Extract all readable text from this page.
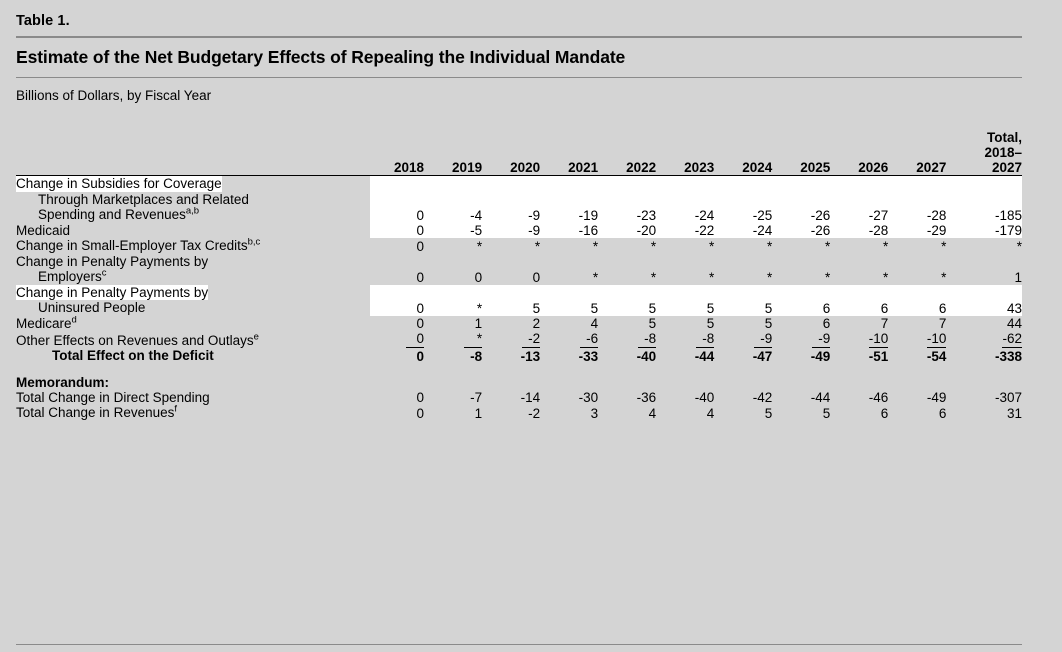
Table 1.
Estimate of the Net Budgetary Effects of Repealing the Individual Mandate
Billions of Dollars, by Fiscal Year
	2018	2019	2020	2021	2022	2023	2024	2025	2026	2027	Total,
2018–
2027

Change in Subsidies for Coverage
Through Marketplaces and Related
Spending and Revenues$^{a,b}$	0	-4	-9	-19	-23	-24	-25	-26	-27	-28	-185
Medicaid	0	-5	-9	-16	-20	-22	-24	-26	-28	-29	-179
Change in Small-Employer Tax Credits$^{b,c}$	0	*	*	*	*	*	*	*	*	*	*

Change in Penalty Payments by
Employers$^c$	0	0	0	*	*	*	*	*	*	*	1
Change in Penalty Payments by
Uninsured People	0	*	5	5	5	5	5	6	6	6	43
Medicare$^d$	0	1	2	4	5	5	5	6	7	7	44
Other Effects on Revenues and Outlays$^e$	0	*	-2	-6	-8	-8	-9	-9	-10	-10	-62
Total Effect on the Deficit	0	-8	-13	-33	-40	-44	-47	-49	-51	-54	-338

Memorandum:											
Total Change in Direct Spending	0	-7	-14	-30	-36	-40	-42	-44	-46	-49	-307
Total Change in Revenues$^f$	0	1	-2	3	4	4	5	5	6	6	31
